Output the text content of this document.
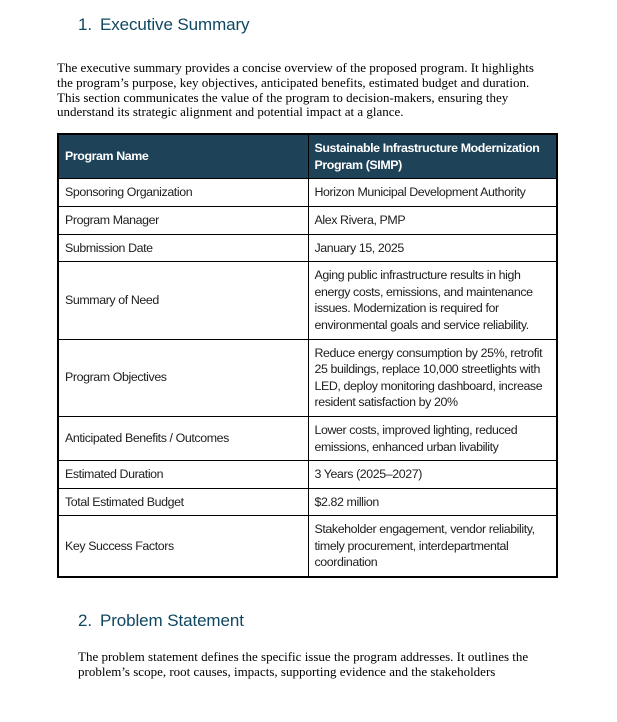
1. Executive Summary

The executive summary provides a concise overview of the proposed program. It highlights the program’s purpose, key objectives, anticipated benefits, estimated budget and duration. This section communicates the value of the program to decision-makers, ensuring they understand its strategic alignment and potential impact at a glance.

Program Name	Sustainable Infrastructure Modernization Program (SIMP)
Sponsoring Organization	Horizon Municipal Development Authority
Program Manager	Alex Rivera, PMP
Submission Date	January 15, 2025
Summary of Need	Aging public infrastructure results in high energy costs, emissions, and maintenance issues. Modernization is required for environmental goals and service reliability.
Program Objectives	Reduce energy consumption by 25%, retrofit 25 buildings, replace 10,000 streetlights with LED, deploy monitoring dashboard, increase resident satisfaction by 20%
Anticipated Benefits / Outcomes	Lower costs, improved lighting, reduced emissions, enhanced urban livability
Estimated Duration	3 Years (2025–2027)
Total Estimated Budget	$2.82 million
Key Success Factors	Stakeholder engagement, vendor reliability, timely procurement, interdepartmental coordination
2. Problem Statement

The problem statement defines the specific issue the program addresses. It outlines the problem’s scope, root causes, impacts, supporting evidence and the stakeholders
